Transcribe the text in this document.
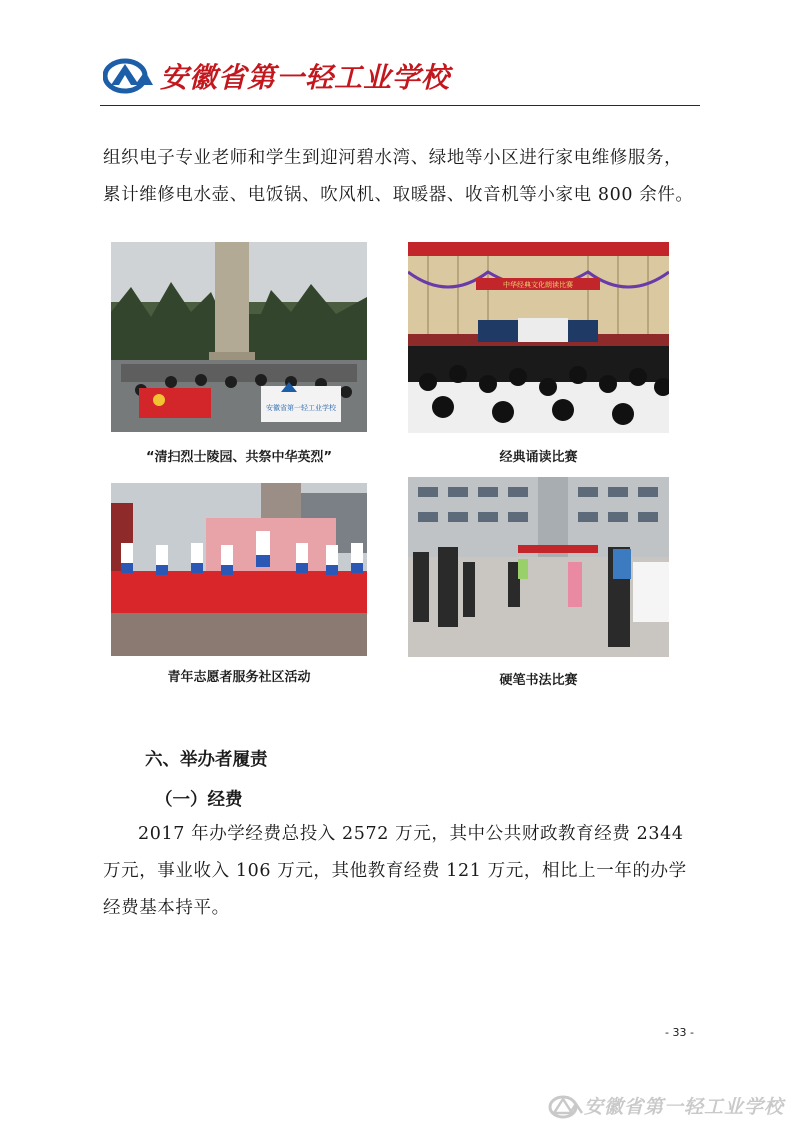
安徽省第一轻工业学校
组织电子专业老师和学生到迎河碧水湾、绿地等小区进行家电维修服务，
累计维修电水壶、电饭锅、吹风机、取暖器、收音机等小家电 800 余件。
安徽省第一轻工业学校
“清扫烈士陵园、共祭中华英烈”
中华经典文化朗读比赛
经典诵读比赛
青年志愿者服务社区活动	硬笔书法比赛
六、举办者履责
（一）经费
2017 年办学经费总投入 2572 万元，其中公共财政教育经费 2344 万元，事业收入 106 万元，其他教育经费 121 万元，相比上一年的办学经费基本持平。
- 33 -
安徽省第一轻工业学校
